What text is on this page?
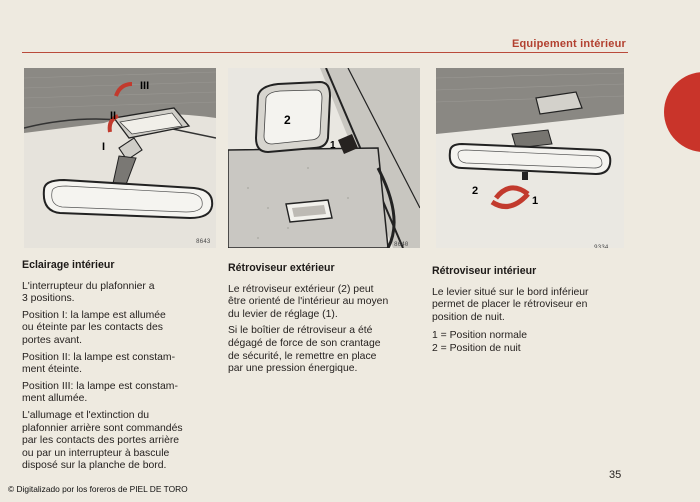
Equipement intérieur
III
II
I
8643
2
1
8640
2
1
9334
Eclairage intérieur

L'interrupteur du plafonnier a
3 positions.

Position I: la lampe est allumée
ou éteinte par les contacts des
portes avant.

Position II: la lampe est constam-
ment éteinte.

Position III: la lampe est constam-
ment allumée.

L'allumage et l'extinction du
plafonnier arrière sont commandés
par les contacts des portes arrière
ou par un interrupteur à bascule
disposé sur la planche de bord.

Rétroviseur extérieur

Le rétroviseur extérieur (2) peut
être orienté de l'intérieur au moyen
du levier de réglage (1).

Si le boîtier de rétroviseur a été
dégagé de force de son crantage
de sécurité, le remettre en place
par une pression énergique.

Rétroviseur intérieur

Le levier situé sur le bord inférieur
permet de placer le rétroviseur en
position de nuit.

1 = Position normale
2 = Position de nuit

35
© Digitalizado por los foreros de PIEL DE TORO
